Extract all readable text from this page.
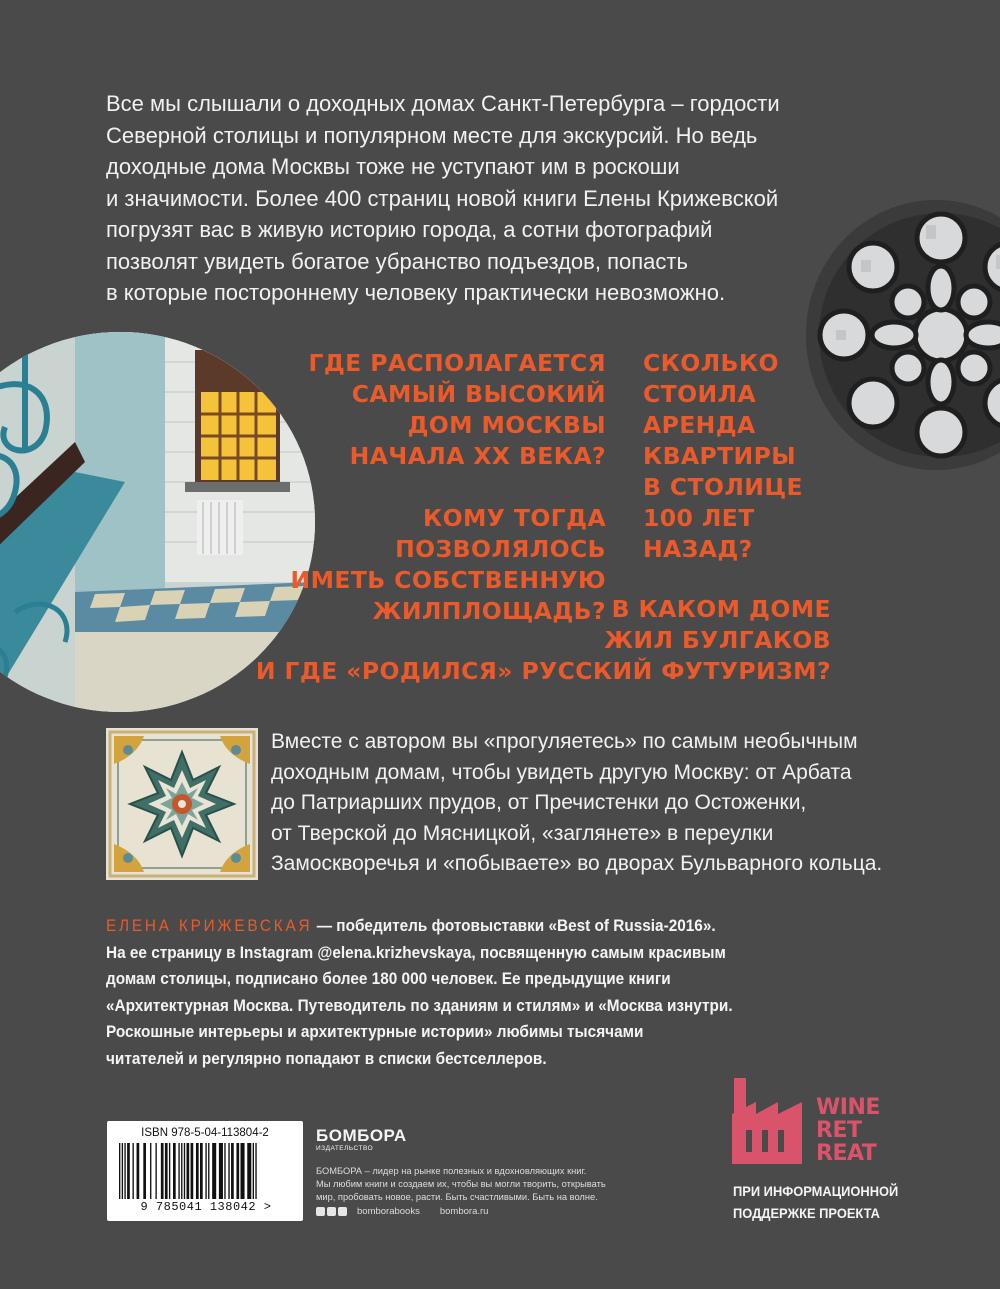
Все мы слышали о доходных домах Санкт-Петербурга – гордости
Северной столицы и популярном месте для экскурсий. Но ведь
доходные дома Москвы тоже не уступают им в роскоши
и значимости. Более 400 страниц новой книги Елены Крижевской
погрузят вас в живую историю города, а сотни фотографий
позволят увидеть богатое убранство подъездов, попасть
в которые постороннему человеку практически невозможно.

ГДЕ РАСПОЛАГАЕТСЯ
САМЫЙ ВЫСОКИЙ
ДОМ МОСКВЫ
НАЧАЛА XX ВЕКА?

КОМУ ТОГДА
ПОЗВОЛЯЛОСЬ
ИМЕТЬ СОБСТВЕННУЮ
ЖИЛПЛОЩАДЬ?

СКОЛЬКО
СТОИЛА
АРЕНДА
КВАРТИРЫ
В СТОЛИЦЕ
100 ЛЕТ
НАЗАД?

В КАКОМ ДОМЕ
ЖИЛ БУЛГАКОВ
И ГДЕ «РОДИЛСЯ» РУССКИЙ ФУТУРИЗМ?

Вместе с автором вы «прогуляетесь» по самым необычным
доходным домам, чтобы увидеть другую Москву: от Арбата
до Патриарших прудов, от Пречистенки до Остоженки,
от Тверской до Мясницкой, «заглянете» в переулки
Замоскворечья и «побываете» во дворах Бульварного кольца.

ЕЛЕНА КРИЖЕВСКАЯ — победитель фотовыставки «Best of Russia-2016».
На ее страницу в Instagram @elena.krizhevskaya, посвященную самым красивым
домам столицы, подписано более 180 000 человек. Ее предыдущие книги
«Архитектурная Москва. Путеводитель по зданиям и стилям» и «Москва изнутри.
Роскошные интерьеры и архитектурные истории» любимы тысячами
читателей и регулярно попадают в списки бестселлеров.

ISBN 978-5-04-113804-2
9 785041 138042 >
БОМБОРА
ИЗДАТЕЛЬСТВО

БОМБОРА – лидер на рынке полезных и вдохновляющих книг.
Мы любим книги и создаем их, чтобы вы могли творить, открывать
мир, пробовать новое, расти. Быть счастливыми. Быть на волне.

bomborabooks bombora.ru
WINE
RET
REAT

ПРИ ИНФОРМАЦИОННОЙ
ПОДДЕРЖКЕ ПРОЕКТА
